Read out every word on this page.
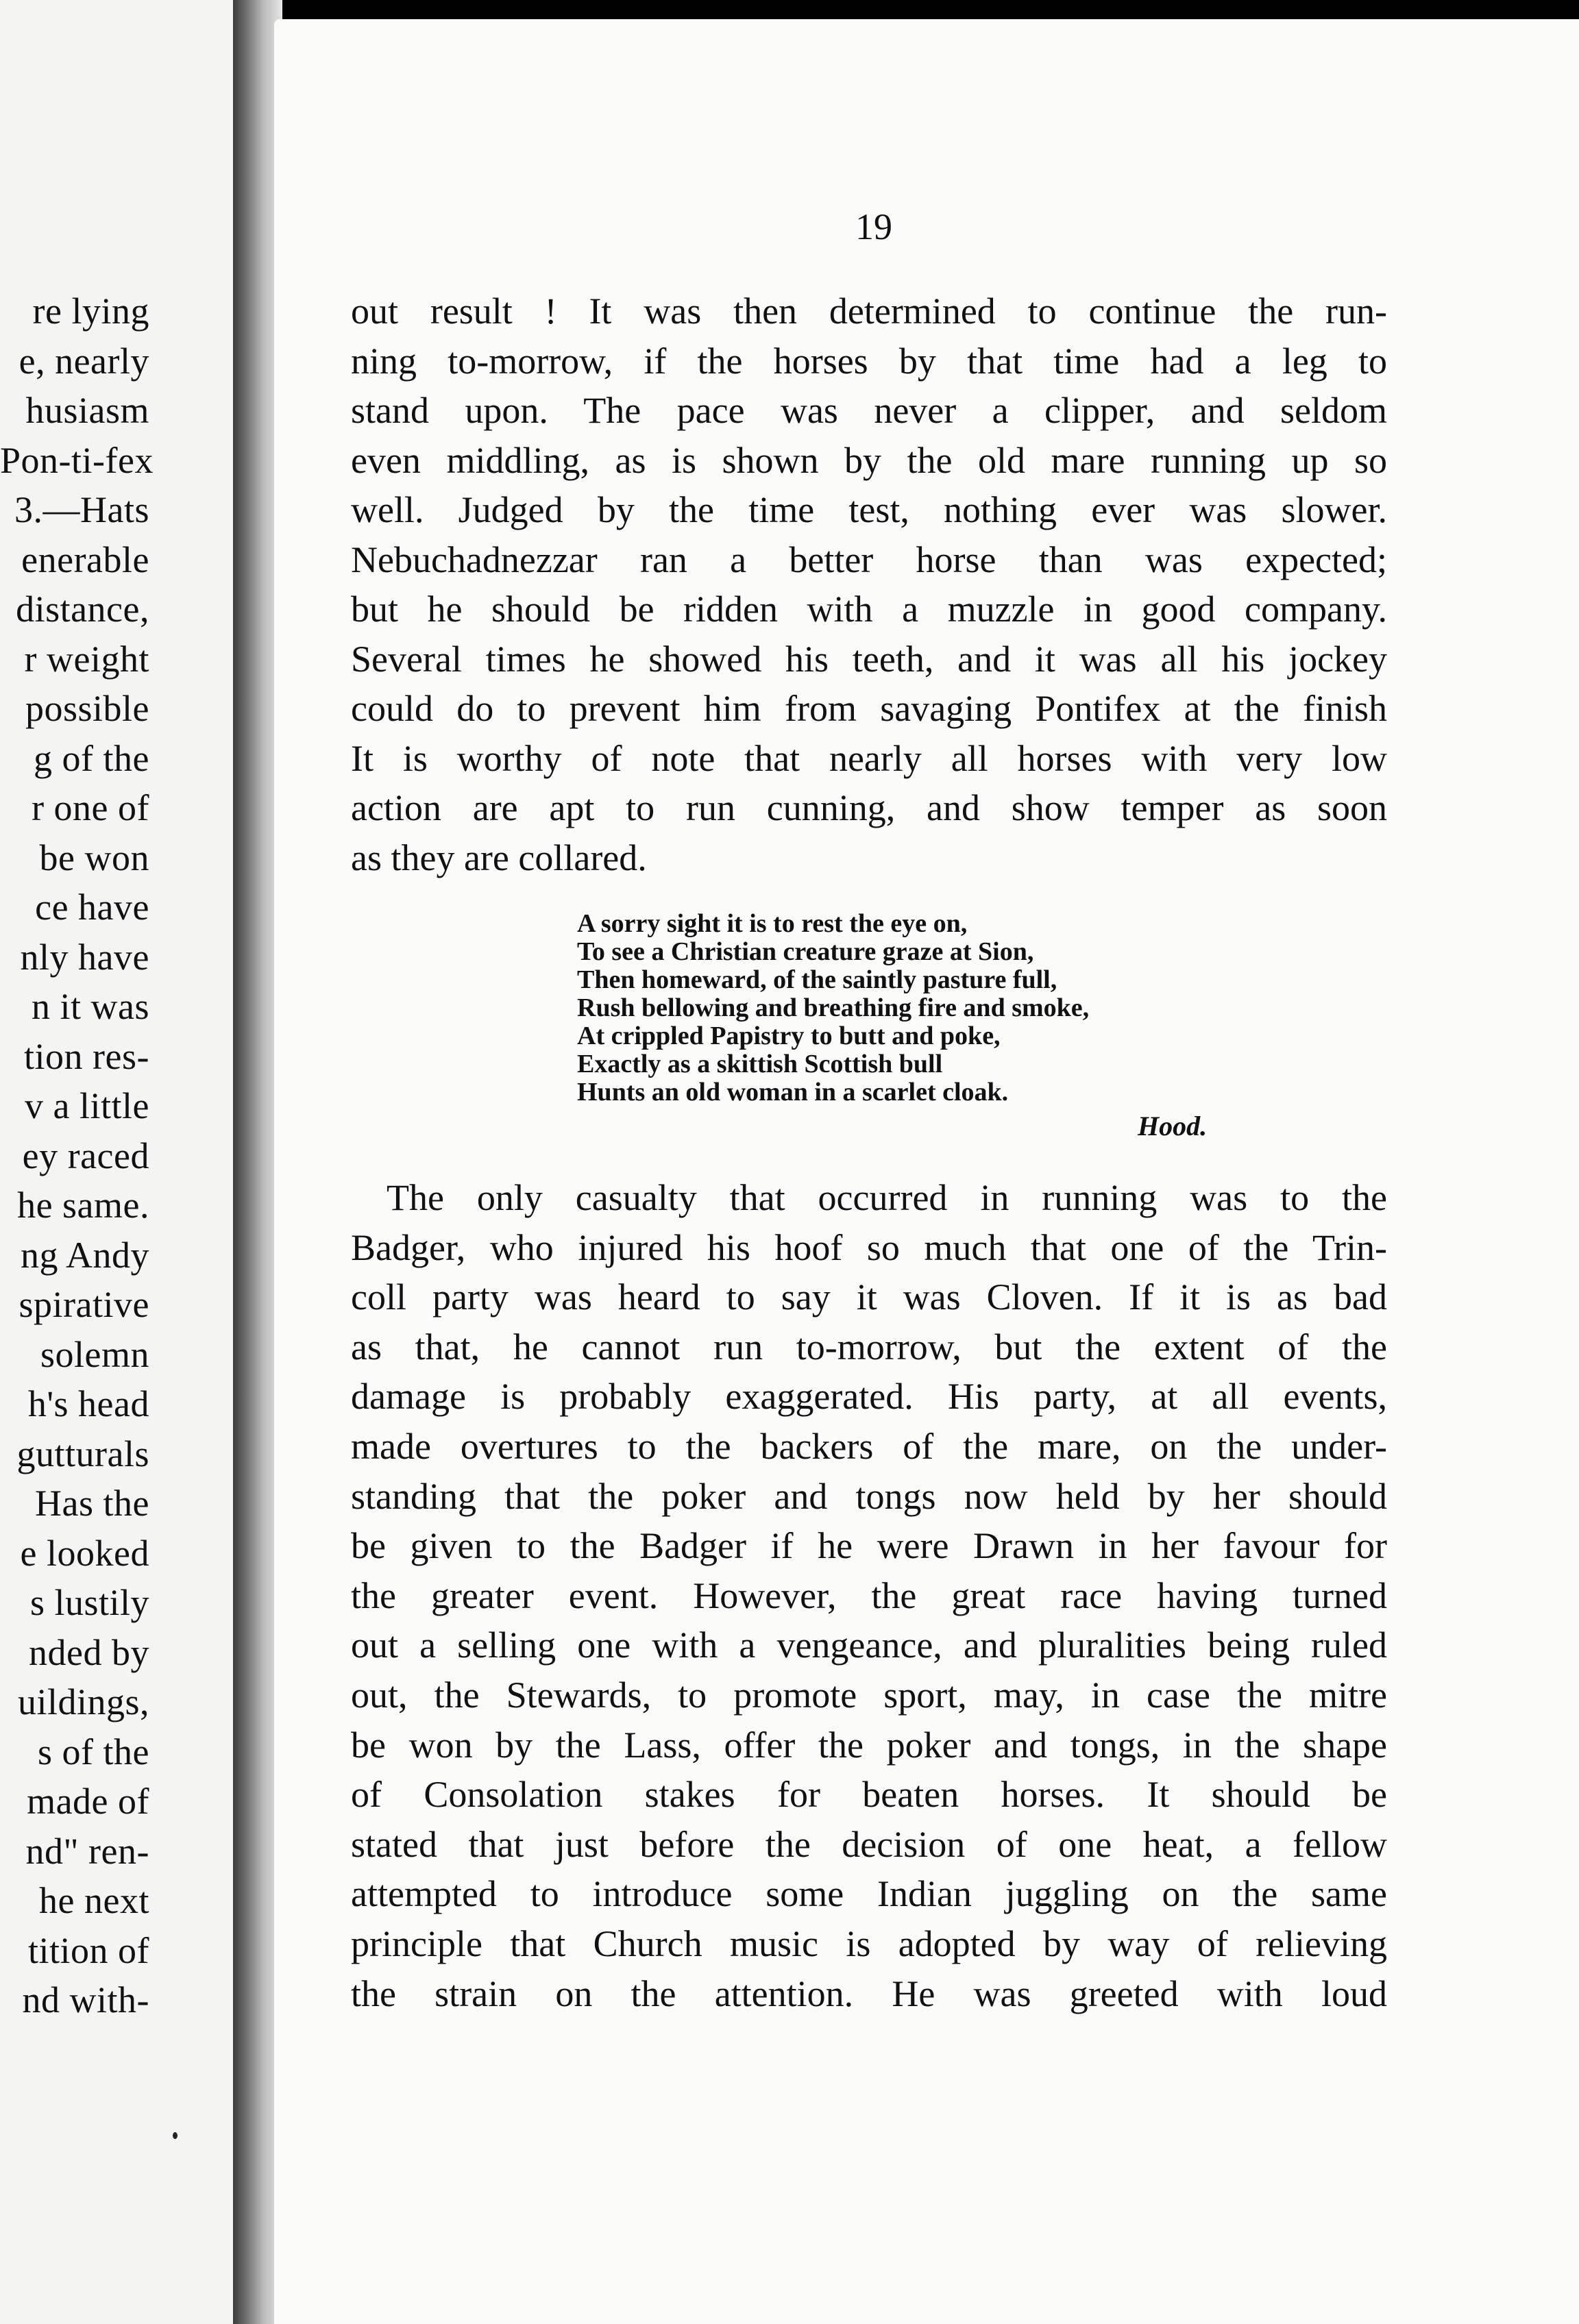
re lying
e, nearly
husiasm
Pon-ti-fex
3.—Hats
enerable
distance,
r weight
possible
g of the
r one of
be won
ce have
nly have
n it was
tion res-
v a little
ey raced
he same.
ng Andy
spirative
solemn
h's head
gutturals
Has the
e looked
s lustily
nded by
uildings,
s of the
made of
nd" ren-
he next
tition of
nd with-
19
out result ! It was then determined to continue the run-
ning to-morrow, if the horses by that time had a leg to
stand upon. The pace was never a clipper, and seldom
even middling, as is shown by the old mare running up so
well. Judged by the time test, nothing ever was slower.
Nebuchadnezzar ran a better horse than was expected;
but he should be ridden with a muzzle in good company.
Several times he showed his teeth, and it was all his jockey
could do to prevent him from savaging Pontifex at the finish
It is worthy of note that nearly all horses with very low
action are apt to run cunning, and show temper as soon
as they are collared.
A sorry sight it is to rest the eye on,
To see a Christian creature graze at Sion,
Then homeward, of the saintly pasture full,
Rush bellowing and breathing fire and smoke,
At crippled Papistry to butt and poke,
Exactly as a skittish Scottish bull
Hunts an old woman in a scarlet cloak.
Hood.
The only casualty that occurred in running was to the
Badger, who injured his hoof so much that one of the Trin-
coll party was heard to say it was Cloven. If it is as bad
as that, he cannot run to-morrow, but the extent of the
damage is probably exaggerated. His party, at all events,
made overtures to the backers of the mare, on the under-
standing that the poker and tongs now held by her should
be given to the Badger if he were Drawn in her favour for
the greater event. However, the great race having turned
out a selling one with a vengeance, and pluralities being ruled
out, the Stewards, to promote sport, may, in case the mitre
be won by the Lass, offer the poker and tongs, in the shape
of Consolation stakes for beaten horses. It should be
stated that just before the decision of one heat, a fellow
attempted to introduce some Indian juggling on the same
principle that Church music is adopted by way of relieving
the strain on the attention. He was greeted with loud
